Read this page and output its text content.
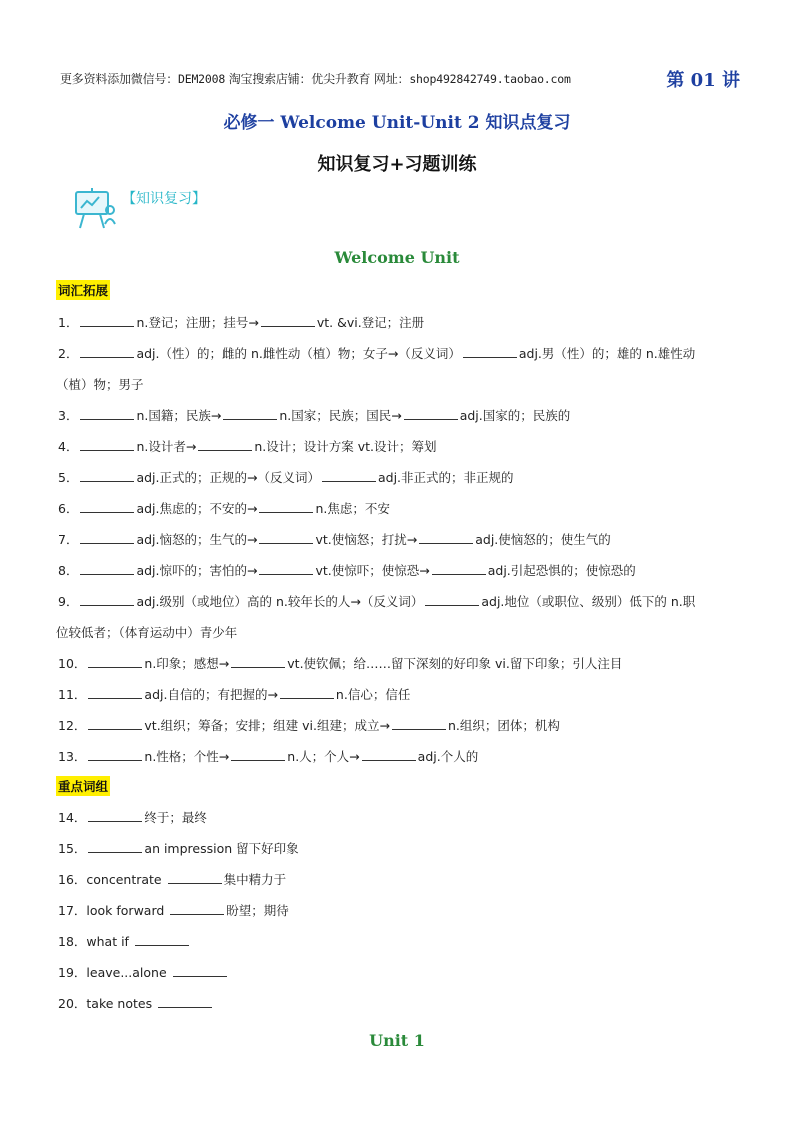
更多资料添加微信号：DEM2008 淘宝搜索店铺：优尖升教育 网址：shop492842749.taobao.com	第 01 讲
必修一 Welcome Unit-Unit 2 知识点复习
知识复习+习题训练
【知识复习】
Welcome Unit
词汇拓展
1．	n.登记；注册；挂号→	vt. &vi.登记；注册
2．	adj.（性）的；雌的 n.雌性动（植）物；女子→（反义词）	adj.男（性）的；雄的 n.雄性动
（植）物；男子
3．	n.国籍；民族→	n.国家；民族；国民→	adj.国家的；民族的
4．	n.设计者→	n.设计；设计方案 vt.设计；筹划
5．	adj.正式的；正规的→（反义词）	adj.非正式的；非正规的
6．	adj.焦虑的；不安的→	n.焦虑；不安
7．	adj.恼怒的；生气的→	vt.使恼怒；打扰→	adj.使恼怒的；使生气的
8．	adj.惊吓的；害怕的→	vt.使惊吓；使惊恐→	adj.引起恐惧的；使惊恐的
9．	adj.级别（或地位）高的 n.较年长的人→（反义词）	adj.地位（或职位、级别）低下的 n.职
位较低者；（体育运动中）青少年
10．	n.印象；感想→	vt.使钦佩；给……留下深刻的好印象 vi.留下印象；引人注目
11．	adj.自信的；有把握的→	n.信心；信任
12．	vt.组织；筹备；安排；组建 vi.组建；成立→	n.组织；团体；机构
13．	n.性格；个性→	n.人；个人→	adj.个人的
重点词组
14．	终于；最终
15．	an impression 留下好印象
16．concentrate	集中精力于
17．look forward	盼望；期待
18．what if
19．leave...alone
20．take notes
Unit 1
